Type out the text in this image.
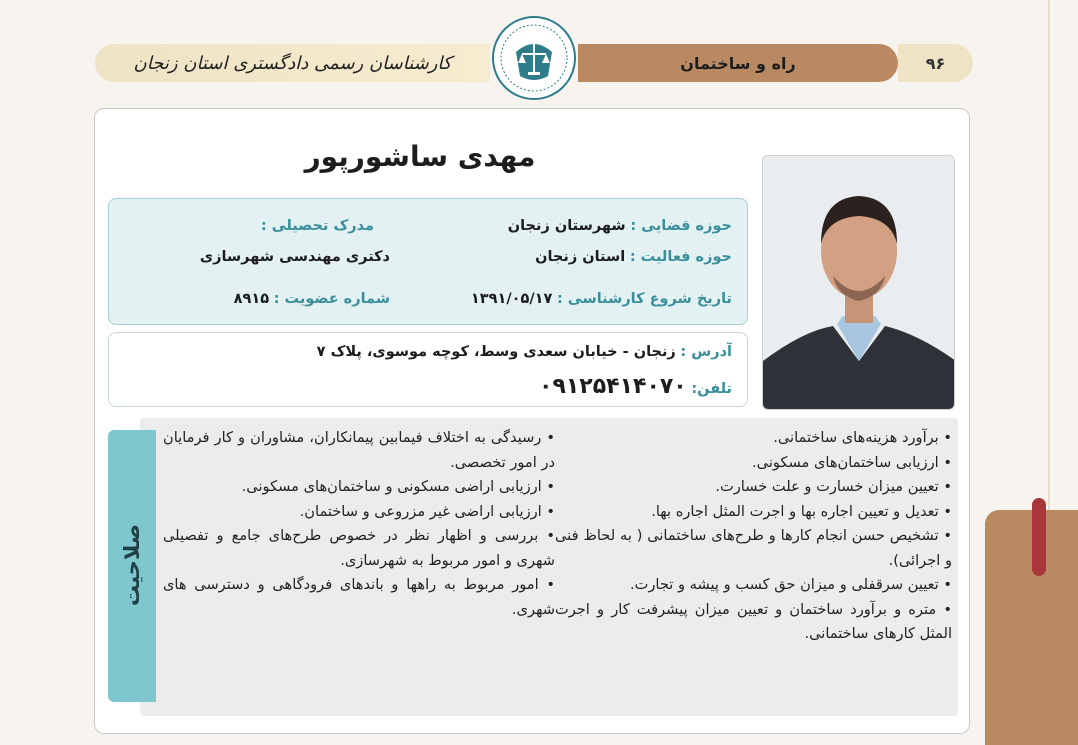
کارشناسان رسمی دادگستری استان زنجان	راه و ساختمان	۹۶
مهدی ساشورپور
حوزه قضایی : شهرستان زنجان
حوزه فعالیت : استان زنجان
تاریخ شروع کارشناسی : ۱۳۹۱/۰۵/۱۷
مدرک تحصیلی :
دکتری مهندسی شهرسازی
شماره عضویت : ۸۹۱۵
آدرس : زنجان - خیابان سعدی وسط، کوچه موسوی، پلاک ۷
تلفن: ۰۹۱۲۵۴۱۴۰۷۰
صلاحیت

• برآورد هزینه‌های ساختمانی.

• ارزیابی ساختمان‌های مسکونی.

• تعیین میزان خسارت و علت خسارت.

• تعدیل و تعیین اجاره بها و اجرت المثل اجاره بها.

• تشخیص حسن انجام کارها و طرح‌های ساختمانی ( به لحاظ فنی و اجرائی).

• تعیین سرقفلی و میزان حق کسب و پیشه و تجارت.

• متره و برآورد ساختمان و تعیین میزان پیشرفت کار و اجرت المثل کارهای ساختمانی.

• رسیدگی به اختلاف فیمابین پیمانکاران، مشاوران و کار فرمایان در امور تخصصی.

• ارزیابی اراضی مسکونی و ساختمان‌های مسکونی.

• ارزیابی اراضی غیر مزروعی و ساختمان.

• بررسی و اظهار نظر در خصوص طرح‌های جامع و تفصیلی شهری و امور مربوط به شهرسازی.

• امور مربوط به راهها و باندهای فرودگاهی و دسترسی های شهری.
